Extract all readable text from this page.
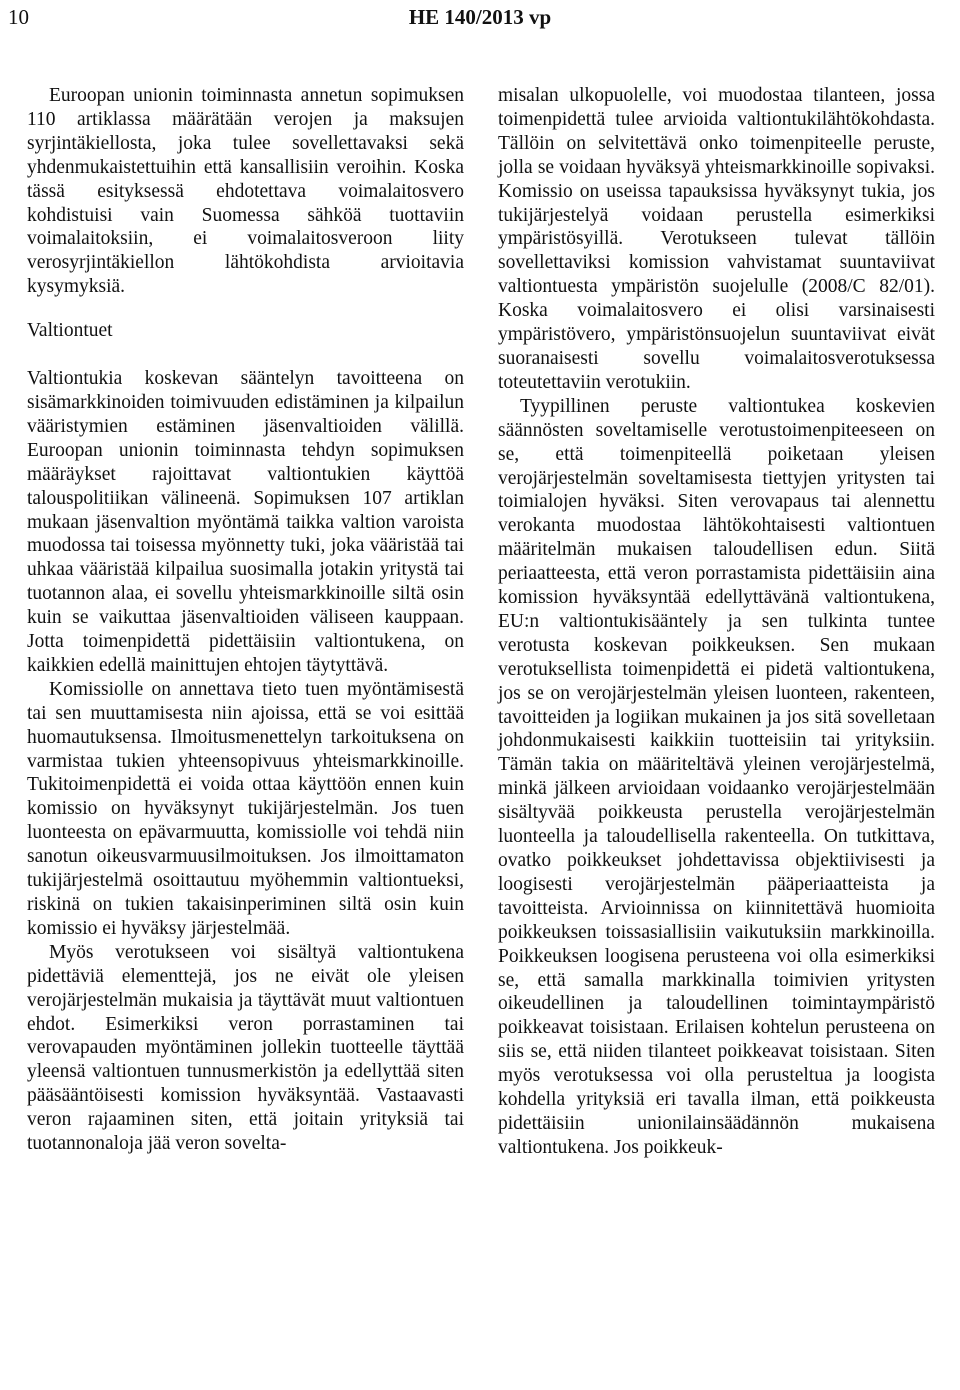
10	HE 140/2013 vp

Euroopan unionin toiminnasta annetun sopimuksen 110 artiklassa määrätään verojen ja maksujen syrjintäkiellosta, joka tulee sovellettavaksi sekä yhdenmukaistettuihin että kansallisiin veroihin. Koska tässä esityksessä ehdotettava voimalaitosvero kohdistuisi vain Suomessa sähköä tuottaviin voimalaitoksiin, ei voimalaitosveroon liity verosyrjintäkiellon lähtökohdista arvioitavia kysymyksiä.

Valtiontuet

Valtiontukia koskevan sääntelyn tavoitteena on sisämarkkinoiden toimivuuden edistäminen ja kilpailun vääristymien estäminen jäsenvaltioiden välillä. Euroopan unionin toiminnasta tehdyn sopimuksen määräykset rajoittavat valtiontukien käyttöä talouspolitiikan välineenä. Sopimuksen 107 artiklan mukaan jäsenvaltion myöntämä taikka valtion varoista muodossa tai toisessa myönnetty tuki, joka vääristää tai uhkaa vääristää kilpailua suosimalla jotakin yritystä tai tuotannon alaa, ei sovellu yhteismarkkinoille siltä osin kuin se vaikuttaa jäsenvaltioiden väliseen kauppaan. Jotta toimenpidettä pidettäisiin valtiontukena, on kaikkien edellä mainittujen ehtojen täytyttävä.

Komissiolle on annettava tieto tuen myöntämisestä tai sen muuttamisesta niin ajoissa, että se voi esittää huomautuksensa. Ilmoitusmenettelyn tarkoituksena on varmistaa tukien yhteensopivuus yhteismarkkinoille. Tukitoimenpidettä ei voida ottaa käyttöön ennen kuin komissio on hyväksynyt tukijärjestelmän. Jos tuen luonteesta on epävarmuutta, komissiolle voi tehdä niin sanotun oikeusvarmuusilmoituksen. Jos ilmoittamaton tukijärjestelmä osoittautuu myöhemmin valtiontueksi, riskinä on tukien takaisinperiminen siltä osin kuin komissio ei hyväksy järjestelmää.

Myös verotukseen voi sisältyä valtiontukena pidettäviä elementtejä, jos ne eivät ole yleisen verojärjestelmän mukaisia ja täyttävät muut valtiontuen ehdot. Esimerkiksi veron porrastaminen tai verovapauden myöntäminen jollekin tuotteelle täyttää yleensä valtiontuen tunnusmerkistön ja edellyttää siten pääsääntöisesti komission hyväksyntää. Vastaavasti veron rajaaminen siten, että joitain yrityksiä tai tuotannonaloja jää veron sovelta-

misalan ulkopuolelle, voi muodostaa tilanteen, jossa toimenpidettä tulee arvioida valtiontukilähtökohdasta. Tällöin on selvitettävä onko toimenpiteelle peruste, jolla se voidaan hyväksyä yhteismarkkinoille sopivaksi. Komissio on useissa tapauksissa hyväksynyt tukia, jos tukijärjestelyä voidaan perustella esimerkiksi ympäristösyillä. Verotukseen tulevat tällöin sovellettaviksi komission vahvistamat suuntaviivat valtiontuesta ympäristön suojelulle (2008/C 82/01). Koska voimalaitosvero ei olisi varsinaisesti ympäristövero, ympäristönsuojelun suuntaviivat eivät suoranaisesti sovellu voimalaitosverotuksessa toteutettaviin verotukiin.

Tyypillinen peruste valtiontukea koskevien säännösten soveltamiselle verotustoimenpiteeseen on se, että toimenpiteellä poiketaan yleisen verojärjestelmän soveltamisesta tiettyjen yritysten tai toimialojen hyväksi. Siten verovapaus tai alennettu verokanta muodostaa lähtökohtaisesti valtiontuen määritelmän mukaisen taloudellisen edun. Siitä periaatteesta, että veron porrastamista pidettäisiin aina komission hyväksyntää edellyttävänä valtiontukena, EU:n valtiontukisääntely ja sen tulkinta tuntee verotusta koskevan poikkeuksen. Sen mukaan verotuksellista toimenpidettä ei pidetä valtiontukena, jos se on verojärjestelmän yleisen luonteen, rakenteen, tavoitteiden ja logiikan mukainen ja jos sitä sovelletaan johdonmukaisesti kaikkiin tuotteisiin tai yrityksiin. Tämän takia on määriteltävä yleinen verojärjestelmä, minkä jälkeen arvioidaan voidaanko verojärjestelmään sisältyvää poikkeusta perustella verojärjestelmän luonteella ja taloudellisella rakenteella. On tutkittava, ovatko poikkeukset johdettavissa objektiivisesti ja loogisesti verojärjestelmän pääperiaatteista ja tavoitteista. Arvioinnissa on kiinnitettävä huomioita poikkeuksen toissasiallisiin vaikutuksiin markkinoilla. Poikkeuksen loogisena perusteena voi olla esimerkiksi se, että samalla markkinalla toimivien yritysten oikeudellinen ja taloudellinen toimintaympäristö poikkeavat toisistaan. Erilaisen kohtelun perusteena on siis se, että niiden tilanteet poikkeavat toisistaan. Siten myös verotuksessa voi olla perusteltua ja loogista kohdella yrityksiä eri tavalla ilman, että poikkeusta pidettäisiin unionilainsäädännön mukaisena valtiontukena. Jos poikkeuk-
